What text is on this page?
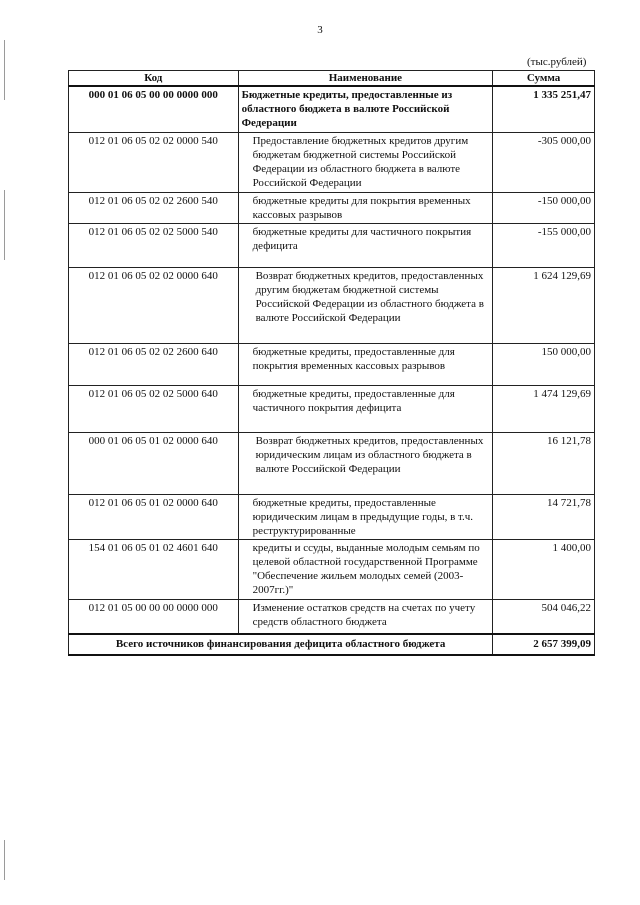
3
(тыс.рублей)
Код	Наименование	Сумма
000 01 06 05 00 00 0000 000	Бюджетные кредиты, предоставленные из областного бюджета в валюте Российской Федерации	1 335 251,47
012 01 06 05 02 02 0000 540	Предоставление бюджетных кредитов другим бюджетам бюджетной системы Российской Федерации из областного бюджета в валюте Российской Федерации	-305 000,00
012 01 06 05 02 02 2600 540	бюджетные кредиты для покрытия временных кассовых разрывов	-150 000,00
012 01 06 05 02 02 5000 540	бюджетные кредиты для частичного покрытия дефицита	-155 000,00
012 01 06 05 02 02 0000 640	Возврат бюджетных кредитов, предоставленных другим бюджетам бюджетной системы Российской Федерации из областного бюджета в валюте Российской Федерации	1 624 129,69
012 01 06 05 02 02 2600 640	бюджетные кредиты, предоставленные для покрытия временных кассовых разрывов	150 000,00
012 01 06 05 02 02 5000 640	бюджетные кредиты, предоставленные для частичного покрытия дефицита	1 474 129,69
000 01 06 05 01 02 0000 640	Возврат бюджетных кредитов, предоставленных юридическим лицам из областного бюджета в валюте Российской Федерации	16 121,78
012 01 06 05 01 02 0000 640	бюджетные кредиты, предоставленные юридическим лицам в предыдущие годы, в т.ч. реструктурированные	14 721,78
154 01 06 05 01 02 4601 640	кредиты и ссуды, выданные молодым семьям по целевой областной государственной Программе "Обеспечение жильем молодых семей (2003-2007гг.)"	1 400,00
012 01 05 00 00 00 0000 000	Изменение остатков средств на счетах по учету средств областного бюджета	504 046,22
Всего источников финансирования дефицита областного бюджета		2 657 399,09
